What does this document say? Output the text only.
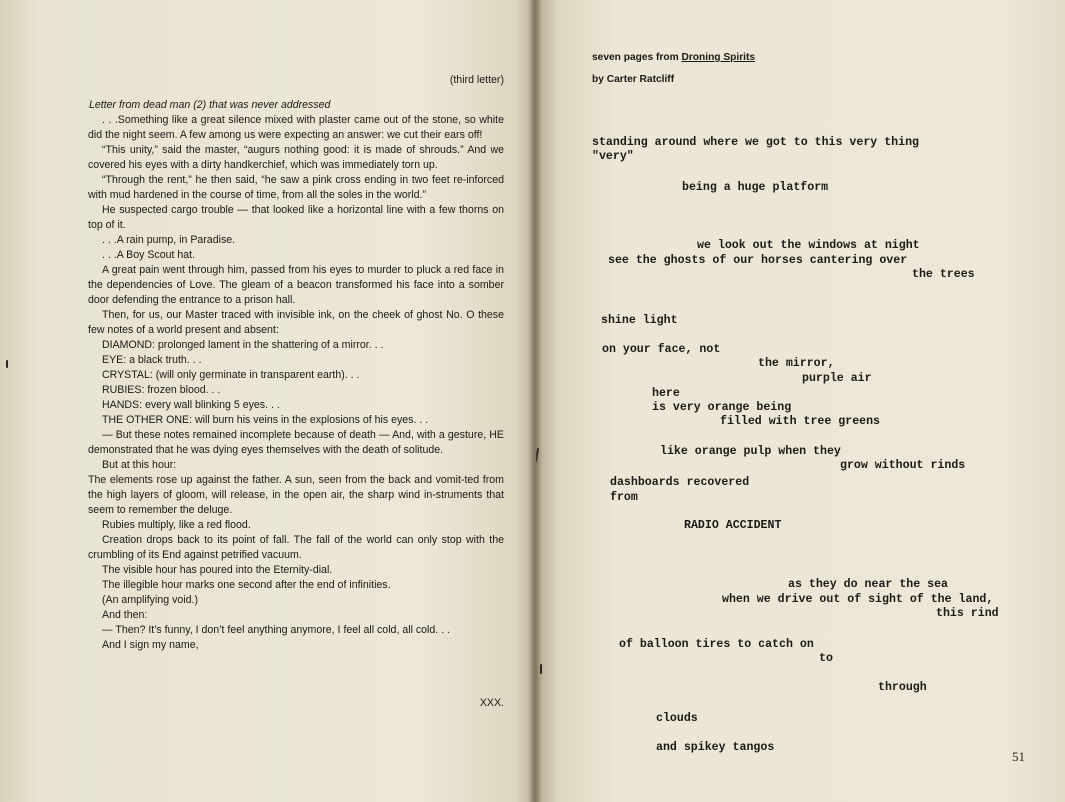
(third letter)
Letter from dead man (2) that was never addressed

. . .Something like a great silence mixed with plaster came out of the stone, so white did the night seem. A few among us were expecting an answer: we cut their ears off!

“This unity,” said the master, “augurs nothing good: it is made of shrouds.” And we covered his eyes with a dirty handkerchief, which was immediately torn up.

“Through the rent,” he then said, “he saw a pink cross ending in two feet re-inforced with mud hardened in the course of time, from all the soles in the world.”

He suspected cargo trouble — that looked like a horizontal line with a few thorns on top of it.

. . .A rain pump, in Paradise.

. . .A Boy Scout hat.

A great pain went through him, passed from his eyes to murder to pluck a red face in the dependencies of Love. The gleam of a beacon transformed his face into a somber door defending the entrance to a prison hall.

Then, for us, our Master traced with invisible ink, on the cheek of ghost No. O these few notes of a world present and absent:

DIAMOND: prolonged lament in the shattering of a mirror. . .

EYE: a black truth. . .

CRYSTAL: (will only germinate in transparent earth). . .

RUBIES: frozen blood. . .

HANDS: every wall blinking 5 eyes. . .

THE OTHER ONE: will burn his veins in the explosions of his eyes. . .

— But these notes remained incomplete because of death — And, with a gesture, HE demonstrated that he was dying eyes themselves with the death of solitude.

But at this hour:

The elements rose up against the father. A sun, seen from the back and vomit-ted from the high layers of gloom, will release, in the open air, the sharp wind in-struments that seem to remember the deluge.

Rubies multiply, like a red flood.

Creation drops back to its point of fall. The fall of the world can only stop with the crumbling of its End against petrified vacuum.

The visible hour has poured into the Eternity-dial.

The illegible hour marks one second after the end of infinities.

(An amplifying void.)

And then:

— Then? It’s funny, I don’t feel anything anymore, I feel all cold, all cold. . .

And I sign my name,

XXX.

seven pages from Droning Spirits
by Carter Ratcliff
standing around where we got to this very thing
"very"
being a huge platform
we look out the windows at night
see the ghosts of our horses cantering over
the trees
shine light
on your face, not
the mirror,
purple air
here
is very orange being
filled with tree greens
like orange pulp when they
grow without rinds
dashboards recovered
from
RADIO ACCIDENT
as they do near the sea
when we drive out of sight of the land,
this rind
of balloon tires to catch on
to
through
clouds
and spikey tangos
51
